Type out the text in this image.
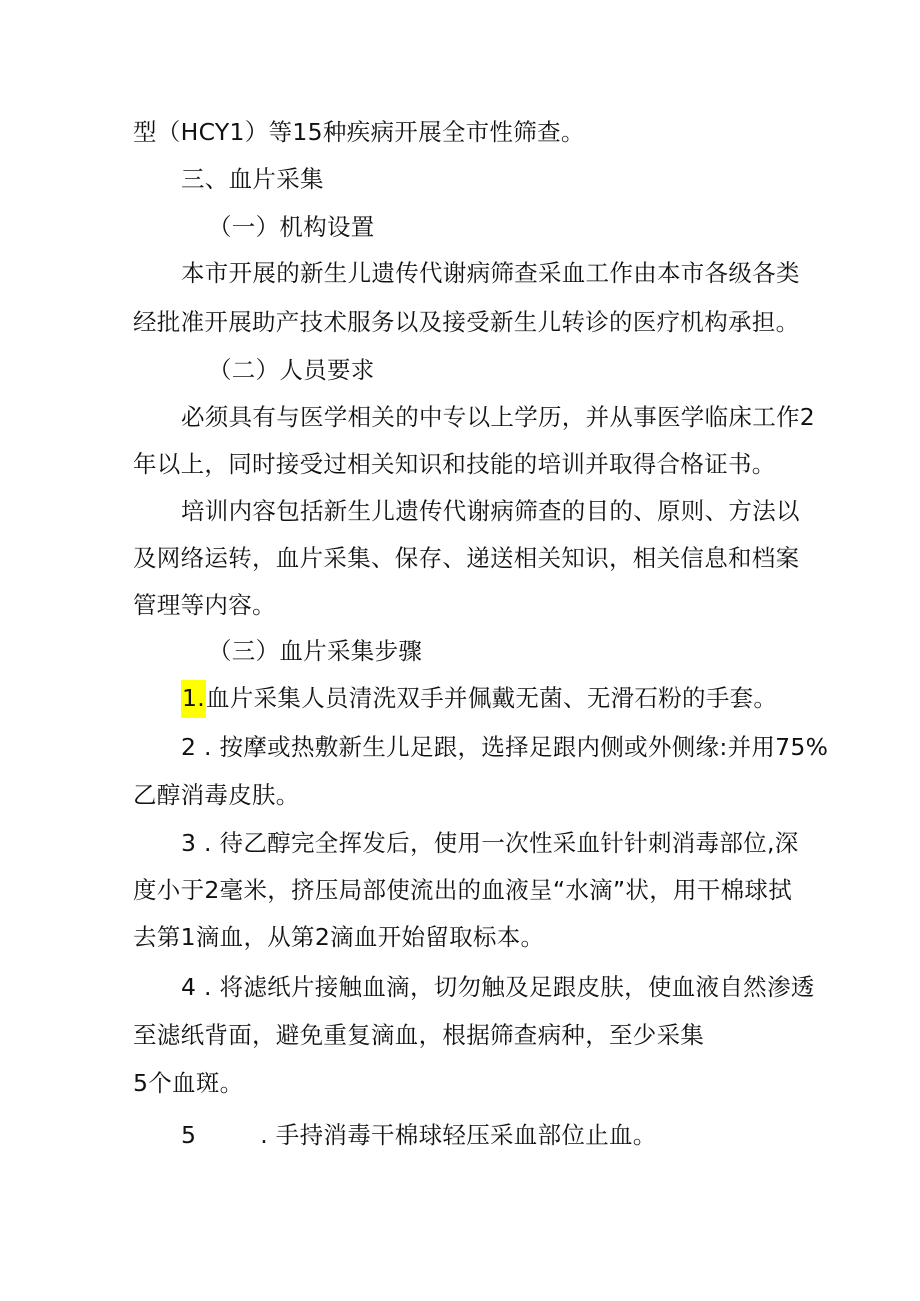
型（HCY1）等15种疾病开展全市性筛查。
三、血片采集
（一）机构设置
本市开展的新生儿遗传代谢病筛查采血工作由本市各级各类
经批准开展助产技术服务以及接受新生儿转诊的医疗机构承担。
（二）人员要求
必须具有与医学相关的中专以上学历，并从事医学临床工作2
年以上，同时接受过相关知识和技能的培训并取得合格证书。
培训内容包括新生儿遗传代谢病筛查的目的、原则、方法以
及网络运转，血片采集、保存、递送相关知识，相关信息和档案
管理等内容。
（三）血片采集步骤
1.血片采集人员清洗双手并佩戴无菌、无滑石粉的手套。
2 . 按摩或热敷新生儿足跟，选择足跟内侧或外侧缘:并用75%
乙醇消毒皮肤。
3 . 待乙醇完全挥发后，使用一次性采血针针刺消毒部位,深
度小于2毫米，挤压局部使流出的血液呈“水滴”状，用干棉球拭
去第1滴血，从第2滴血开始留取标本。
4 . 将滤纸片接触血滴，切勿触及足跟皮肤，使血液自然渗透
至滤纸背面，避免重复滴血，根据筛查病种，至少采集
5个血斑。
5	. 手持消毒干棉球轻压采血部位止血。
